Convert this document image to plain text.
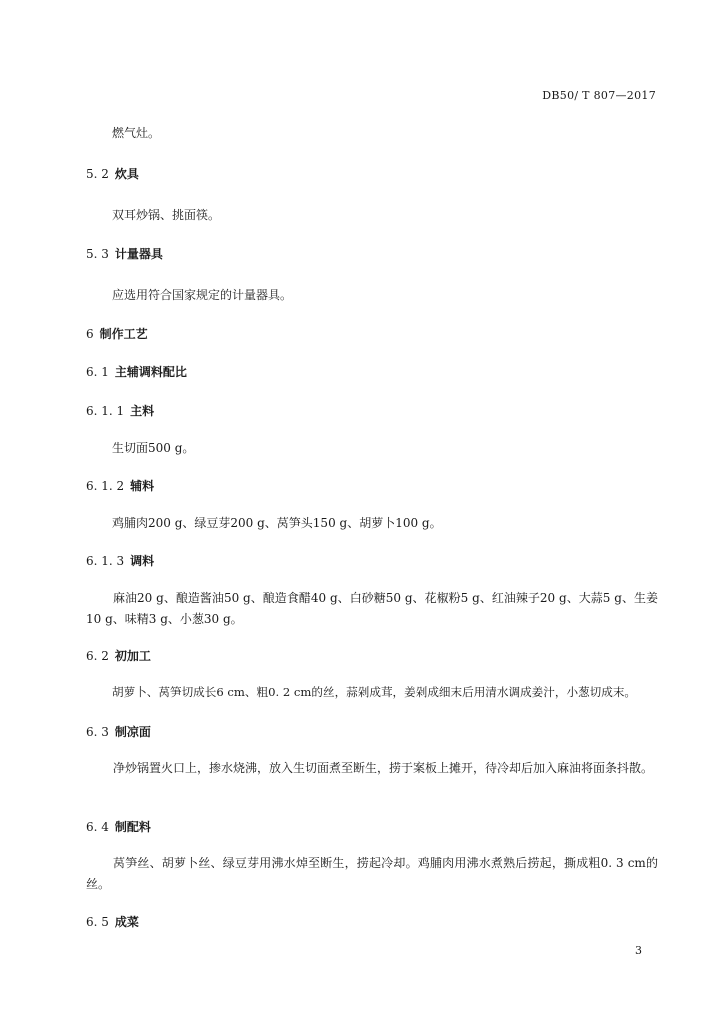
DB50/ T 807—2017
燃气灶。
5. 2 炊具
双耳炒锅、挑面筷。
5. 3 计量器具
应选用符合国家规定的计量器具。
6 制作工艺
6. 1 主辅调料配比
6. 1. 1 主料
生切面500 g。
6. 1. 2 辅料
鸡脯肉200 g、绿豆芽200 g、莴笋头150 g、胡萝卜100 g。
6. 1. 3 调料
麻油20 g、酿造酱油50 g、酿造食醋40 g、白砂糖50 g、花椒粉5 g、红油辣子20 g、大蒜5 g、生姜10 g、味精3 g、小葱30 g。
6. 2 初加工
胡萝卜、莴笋切成长6 cm、粗0. 2 cm的丝，蒜剁成茸，姜剁成细末后用清水调成姜汁，小葱切成末。
6. 3 制凉面
净炒锅置火口上，掺水烧沸，放入生切面煮至断生，捞于案板上摊开，待冷却后加入麻油将面条抖散。
6. 4 制配料
莴笋丝、胡萝卜丝、绿豆芽用沸水焯至断生，捞起冷却。鸡脯肉用沸水煮熟后捞起，撕成粗0. 3 cm的丝。
6. 5 成菜
3
